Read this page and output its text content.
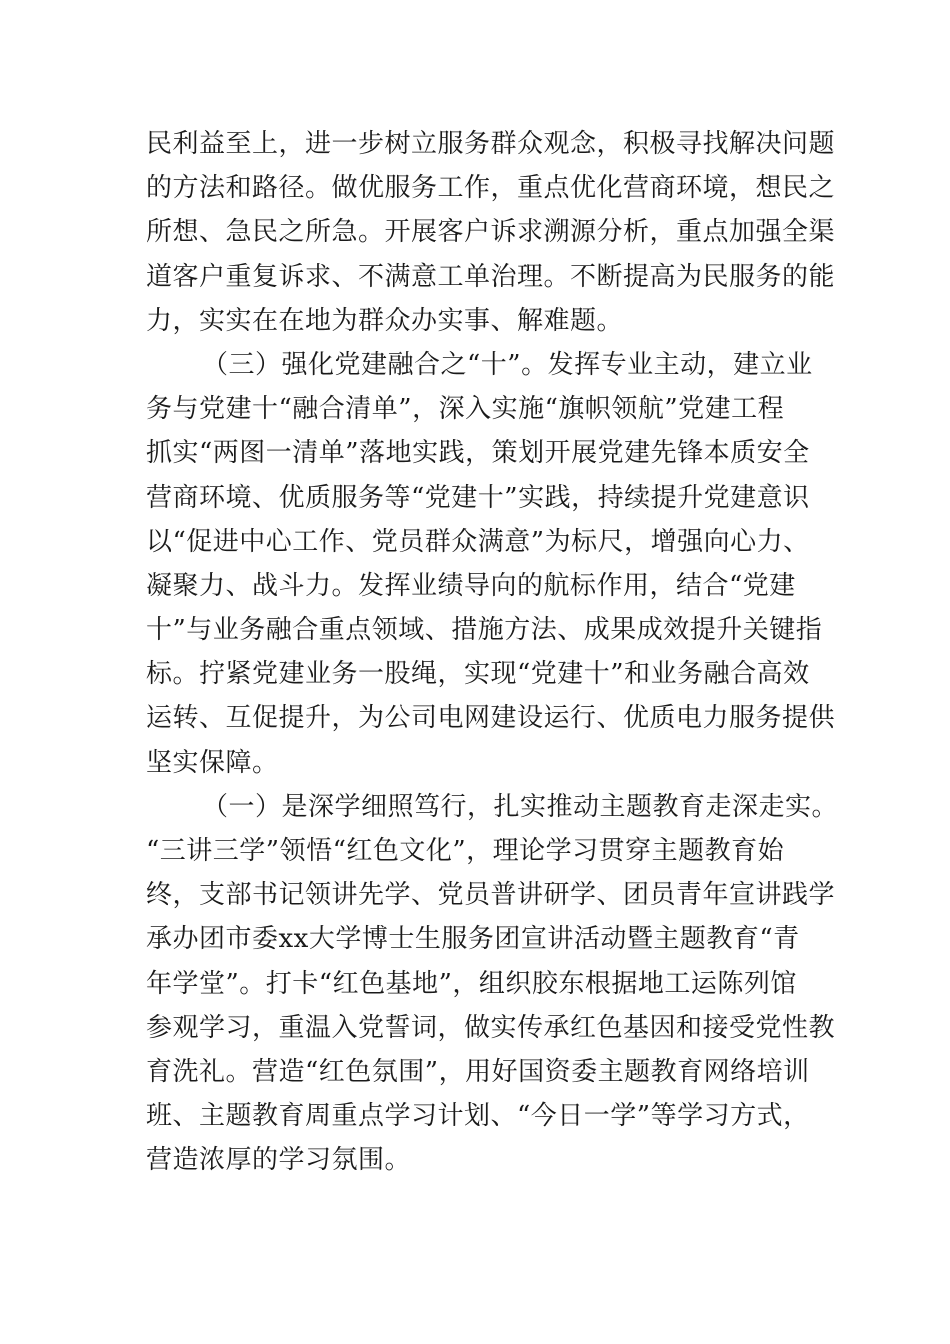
民利益至上，进一步树立服务群众观念，积极寻找解决问题
的方法和路径。做优服务工作，重点优化营商环境，想民之
所想、急民之所急。开展客户诉求溯源分析，重点加强全渠
道客户重复诉求、不满意工单治理。不断提高为民服务的能
力，实实在在地为群众办实事、解难题。
（三）强化党建融合之“十”。发挥专业主动，建立业
务与党建十“融合清单”，深入实施“旗帜领航”党建工程
抓实“两图一清单”落地实践，策划开展党建先锋本质安全
营商环境、优质服务等“党建十”实践，持续提升党建意识
以“促进中心工作、党员群众满意”为标尺，增强向心力、
凝聚力、战斗力。发挥业绩导向的航标作用，结合“党建
十”与业务融合重点领域、措施方法、成果成效提升关键指
标。拧紧党建业务一股绳，实现“党建十”和业务融合高效
运转、互促提升，为公司电网建设运行、优质电力服务提供
坚实保障。
（一）是深学细照笃行，扎实推动主题教育走深走实。
“三讲三学”领悟“红色文化”，理论学习贯穿主题教育始
终，支部书记领讲先学、党员普讲研学、团员青年宣讲践学
承办团市委xx大学博士生服务团宣讲活动暨主题教育“青
年学堂”。打卡“红色基地”，组织胶东根据地工运陈列馆
参观学习，重温入党誓词，做实传承红色基因和接受党性教
育洗礼。营造“红色氛围”，用好国资委主题教育网络培训
班、主题教育周重点学习计划、“今日一学”等学习方式，
营造浓厚的学习氛围。
